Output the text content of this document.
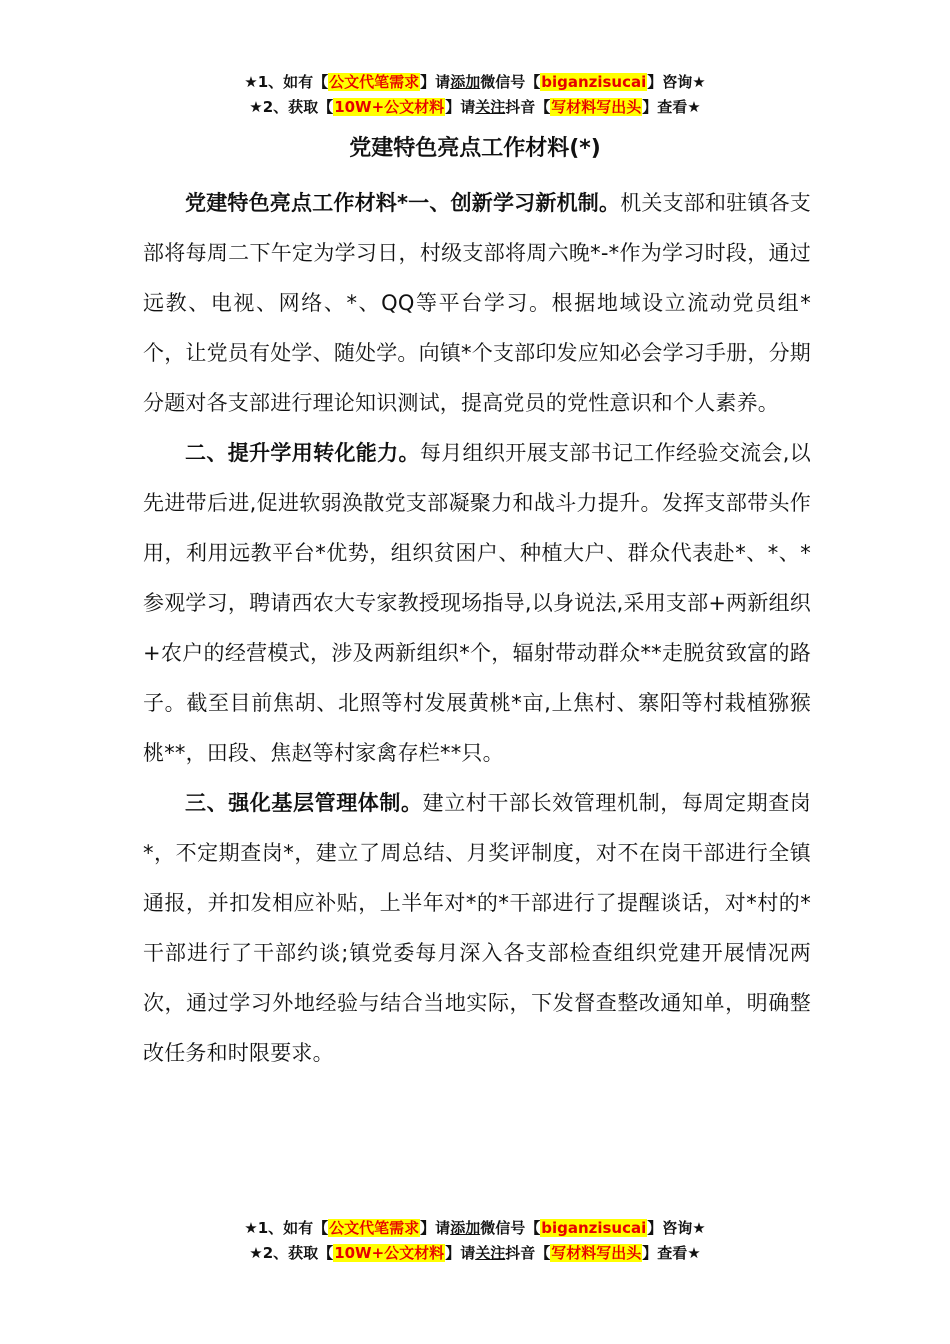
★1、如有【公文代笔需求】请添加微信号【biganzisucai】咨询★
★2、获取【10W+公文材料】请关注抖音【写材料写出头】查看★
党建特色亮点工作材料(*)

党建特色亮点工作材料*一、创新学习新机制。机关支部和驻镇各支部将每周二下午定为学习日，村级支部将周六晚*-*作为学习时段，通过远教、电视、网络、*、QQ等平台学习。根据地域设立流动党员组*个，让党员有处学、随处学。向镇*个支部印发应知必会学习手册，分期分题对各支部进行理论知识测试，提高党员的党性意识和个人素养。

二、提升学用转化能力。每月组织开展支部书记工作经验交流会,以先进带后进,促进软弱涣散党支部凝聚力和战斗力提升。发挥支部带头作用，利用远教平台*优势，组织贫困户、种植大户、群众代表赴*、*、*参观学习，聘请西农大专家教授现场指导,以身说法,采用支部+两新组织+农户的经营模式，涉及两新组织*个，辐射带动群众**走脱贫致富的路子。截至目前焦胡、北照等村发展黄桃*亩,上焦村、寨阳等村栽植猕猴桃**，田段、焦赵等村家禽存栏**只。

三、强化基层管理体制。建立村干部长效管理机制，每周定期查岗*，不定期查岗*，建立了周总结、月奖评制度，对不在岗干部进行全镇通报，并扣发相应补贴，上半年对*的*干部进行了提醒谈话，对*村的*干部进行了干部约谈;镇党委每月深入各支部检查组织党建开展情况两次，通过学习外地经验与结合当地实际，下发督查整改通知单，明确整改任务和时限要求。

★1、如有【公文代笔需求】请添加微信号【biganzisucai】咨询★
★2、获取【10W+公文材料】请关注抖音【写材料写出头】查看★
